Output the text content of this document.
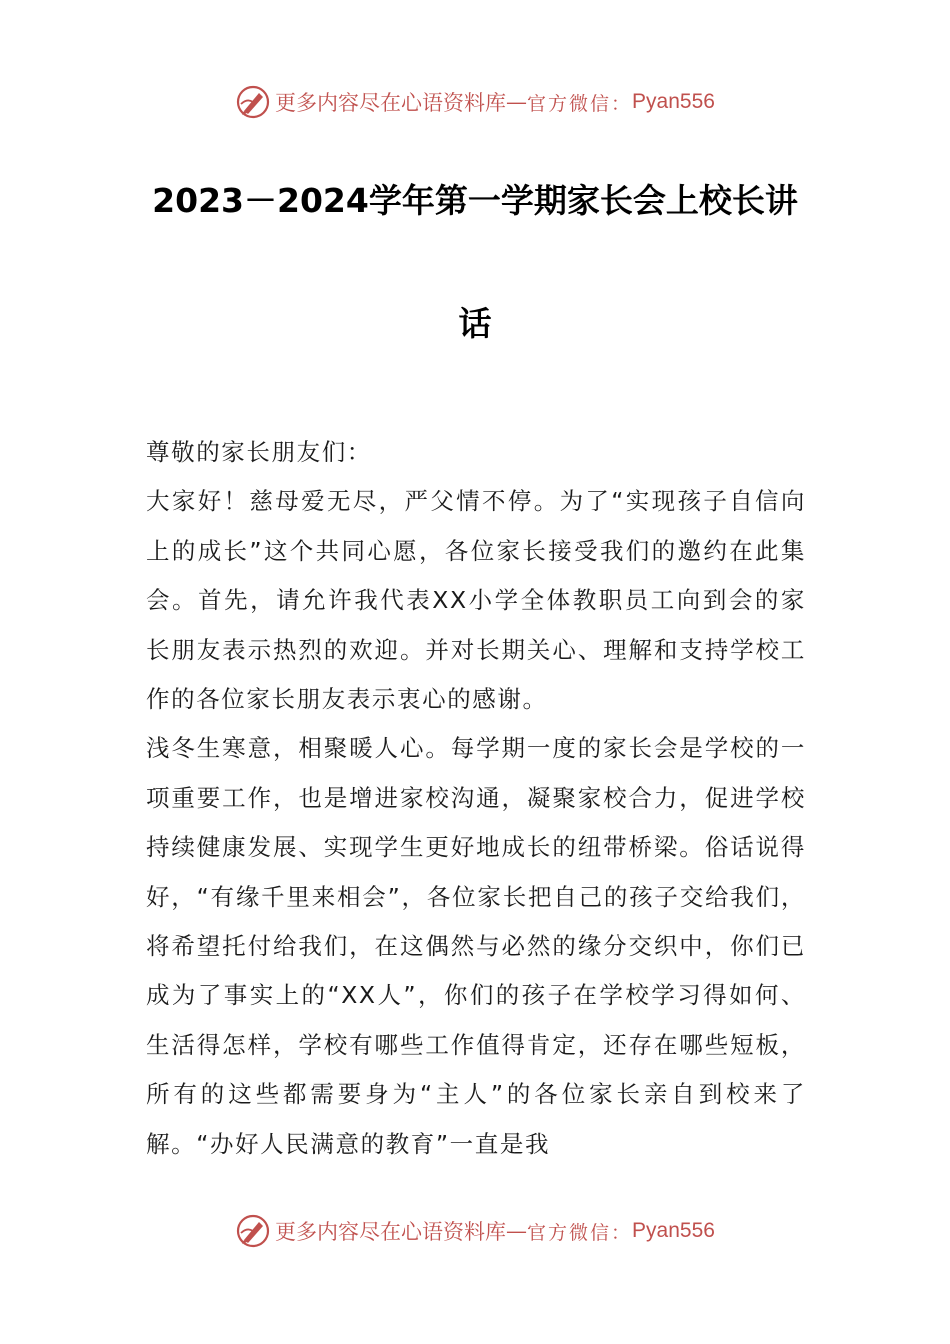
更多内容尽在心语资料库 — 官方微信： Pyan556
2023－2024学年第一学期家长会上校长讲
话

尊敬的家长朋友们：

大家好！慈母爱无尽，严父情不停。为了“实现孩子自信向上的成长”这个共同心愿，各位家长接受我们的邀约在此集会。首先，请允许我代表XX小学全体教职员工向到会的家长朋友表示热烈的欢迎。并对长期关心、理解和支持学校工作的各位家长朋友表示衷心的感谢。

浅冬生寒意，相聚暖人心。每学期一度的家长会是学校的一项重要工作，也是增进家校沟通，凝聚家校合力，促进学校持续健康发展、实现学生更好地成长的纽带桥梁。俗话说得好，“有缘千里来相会”，各位家长把自己的孩子交给我们，将希望托付给我们，在这偶然与必然的缘分交织中，你们已成为了事实上的“XX人”，你们的孩子在学校学习得如何、生活得怎样，学校有哪些工作值得肯定，还存在哪些短板，所有的这些都需要身为“主人”的各位家长亲自到校来了解。“办好人民满意的教育”一直是我

更多内容尽在心语资料库 — 官方微信： Pyan556
